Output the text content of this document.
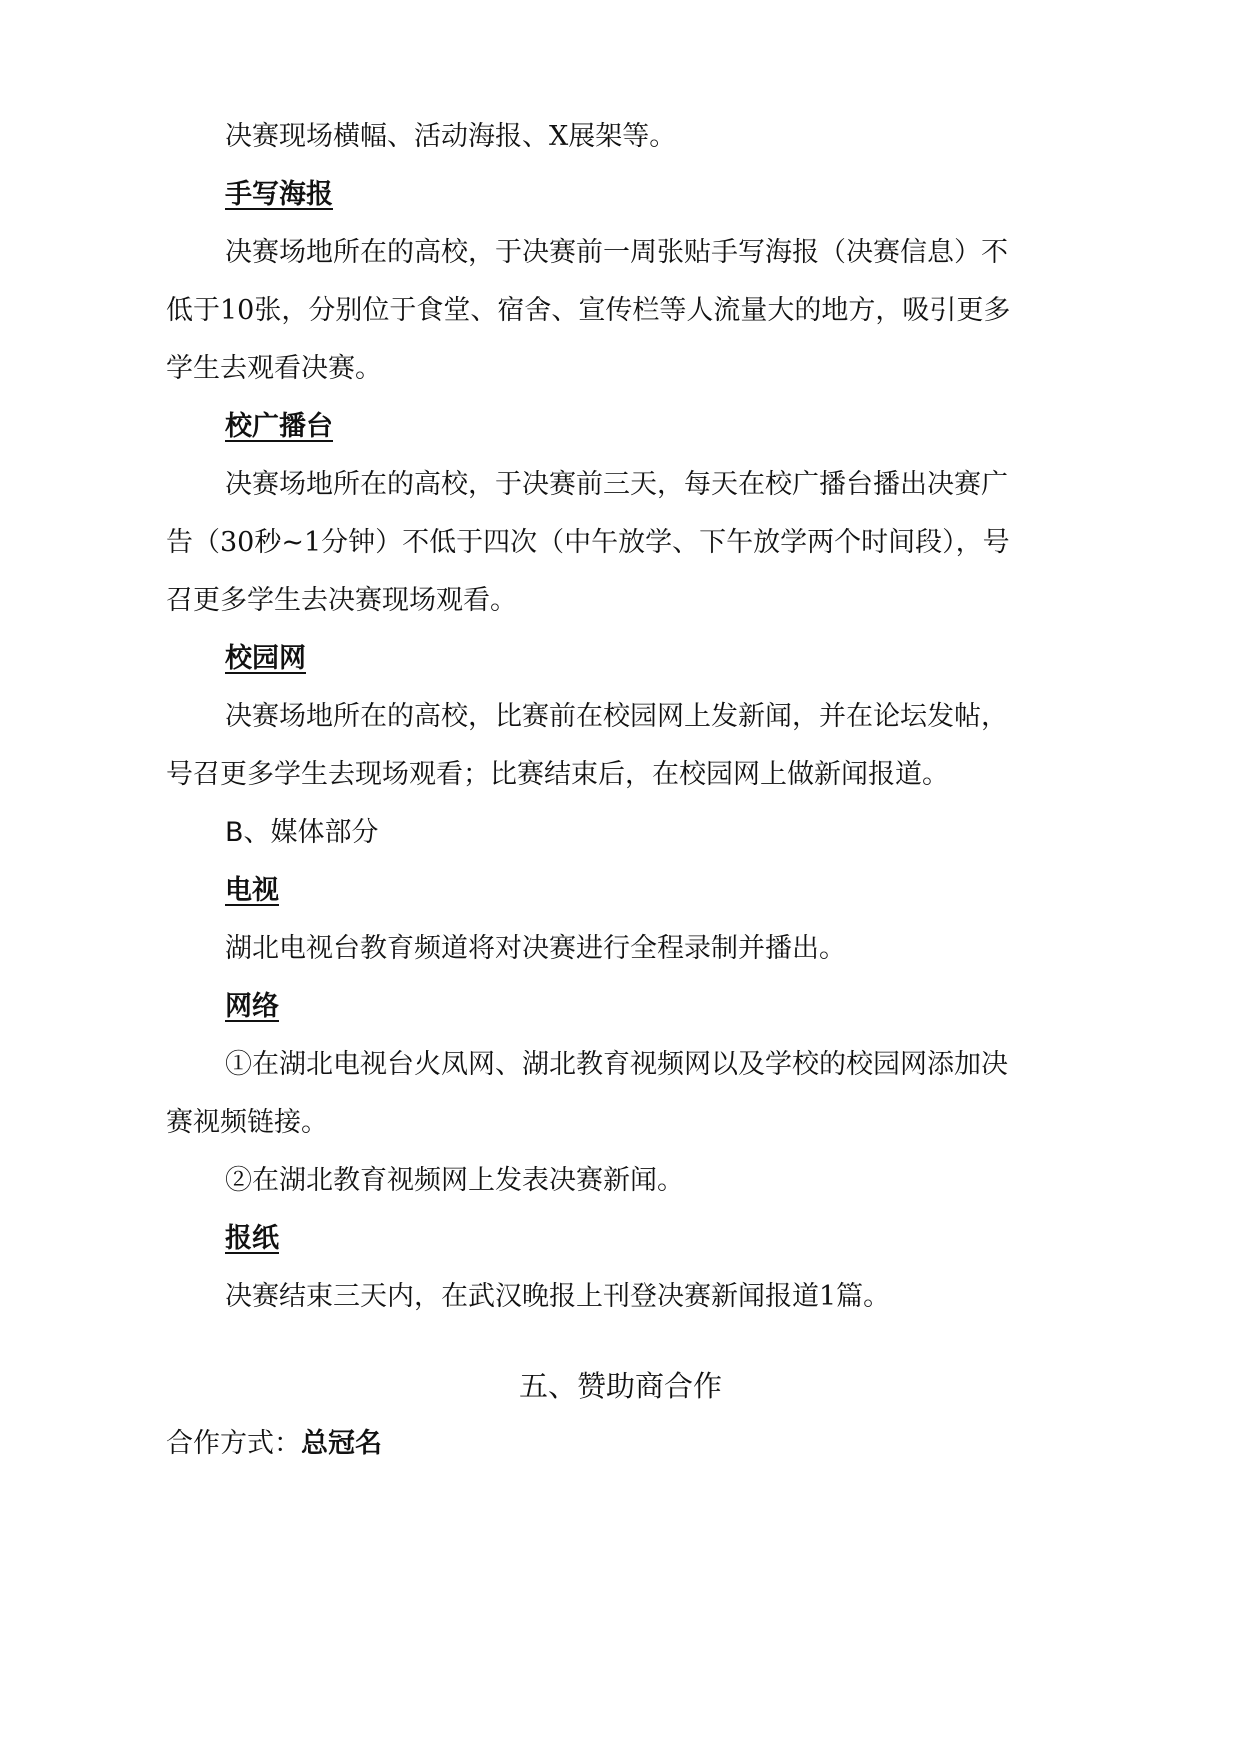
决赛现场横幅、活动海报、X展架等。
手写海报
决赛场地所在的高校，于决赛前一周张贴手写海报（决赛信息）不
低于10张，分别位于食堂、宿舍、宣传栏等人流量大的地方，吸引更多
学生去观看决赛。
校广播台
决赛场地所在的高校，于决赛前三天，每天在校广播台播出决赛广
告（30秒~1分钟）不低于四次（中午放学、下午放学两个时间段），号
召更多学生去决赛现场观看。
校园网
决赛场地所在的高校，比赛前在校园网上发新闻，并在论坛发帖，
号召更多学生去现场观看；比赛结束后，在校园网上做新闻报道。
B、媒体部分
电视
湖北电视台教育频道将对决赛进行全程录制并播出。
网络
①在湖北电视台火凤网、湖北教育视频网以及学校的校园网添加决
赛视频链接。
②在湖北教育视频网上发表决赛新闻。
报纸
决赛结束三天内，在武汉晚报上刊登决赛新闻报道1篇。
五、赞助商合作
合作方式：总冠名
